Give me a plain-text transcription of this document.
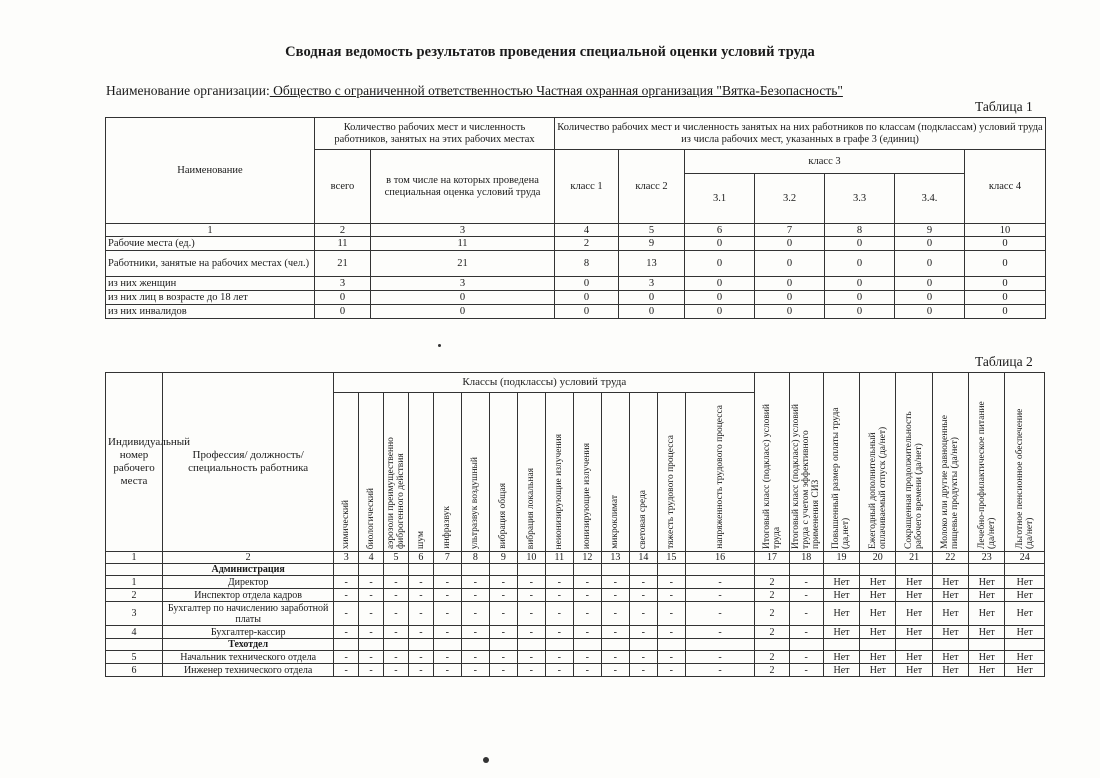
Сводная ведомость результатов проведения специальной оценки условий труда
Наименование организации: Общество с ограниченной ответственностью Частная охранная организация "Вятка-Безопасность"
Таблица 1
Наименование	Количество рабочих мест и численность работников, занятых на этих рабочих местах		Количество рабочих мест и численность занятых на них работников по классам (подклассам) условий труда из числа рабочих мест, указанных в графе 3 (единиц)						
	всего	в том числе на которых проведена специальная оценка условий труда	класс 1	класс 2	класс 3				класс 4
					3.1	3.2	3.3	3.4.	
1	2	3	4	5	6	7	8	9	10
Рабочие места (ед.)	11	11	2	9	0	0	0	0	0
Работники, занятые на рабочих местах (чел.)	21	21	8	13	0	0	0	0	0
из них женщин	3	3	0	3	0	0	0	0	0
из них лиц в возрасте до 18 лет	0	0	0	0	0	0	0	0	0
из них инвалидов	0	0	0	0	0	0	0	0	0
Таблица 2
Индивидуальный номер рабочего места	Профессия/ должность/ специальность работника	Классы (подклассы) условий труда														Итоговый класс (подкласс) условий труда	Итоговый класс (подкласс) условий труда с учетом эффективного применения СИЗ	Повышенный размер оплаты труда (да,нет)	Ежегодный дополнительный оплачиваемый отпуск (да/нет)	Сокращенная продолжительность рабочего времени (да/нет)	Молоко или другие равноценные пищевые продукты (да/нет)	Лечебно-профилактическое питание (да/нет)	Льготное пенсионное обеспечение (да/нет)

		химический	биологический	аэрозоли преимущественно фиброгенного действия	шум	инфразвук	ультразвук воздушный	вибрация общая	вибрация локальная	неионизирующие излучения	ионизирующие излучения	микроклимат	световая среда	тяжесть трудового процесса	напряженность трудового процесса								

1	2	3	4	5	6	7	8	9	10	11	12	13	14	15	16	17	18	19	20	21	22	23	24
	Администрация																						
1	Директор	-	-	-	-	-	-	-	-	-	-	-	-	-	-	2	-	Нет	Нет	Нет	Нет	Нет	Нет
2	Инспектор отдела кадров	-	-	-	-	-	-	-	-	-	-	-	-	-	-	2	-	Нет	Нет	Нет	Нет	Нет	Нет
3	Бухгалтер по начислению заработной платы	-	-	-	-	-	-	-	-	-	-	-	-	-	-	2	-	Нет	Нет	Нет	Нет	Нет	Нет
4	Бухгалтер-кассир	-	-	-	-	-	-	-	-	-	-	-	-	-	-	2	-	Нет	Нет	Нет	Нет	Нет	Нет
	Техотдел																						
5	Начальник технического отдела	-	-	-	-	-	-	-	-	-	-	-	-	-	-	2	-	Нет	Нет	Нет	Нет	Нет	Нет
6	Инженер технического отдела	-	-	-	-	-	-	-	-	-	-	-	-	-	-	2	-	Нет	Нет	Нет	Нет	Нет	Нет
